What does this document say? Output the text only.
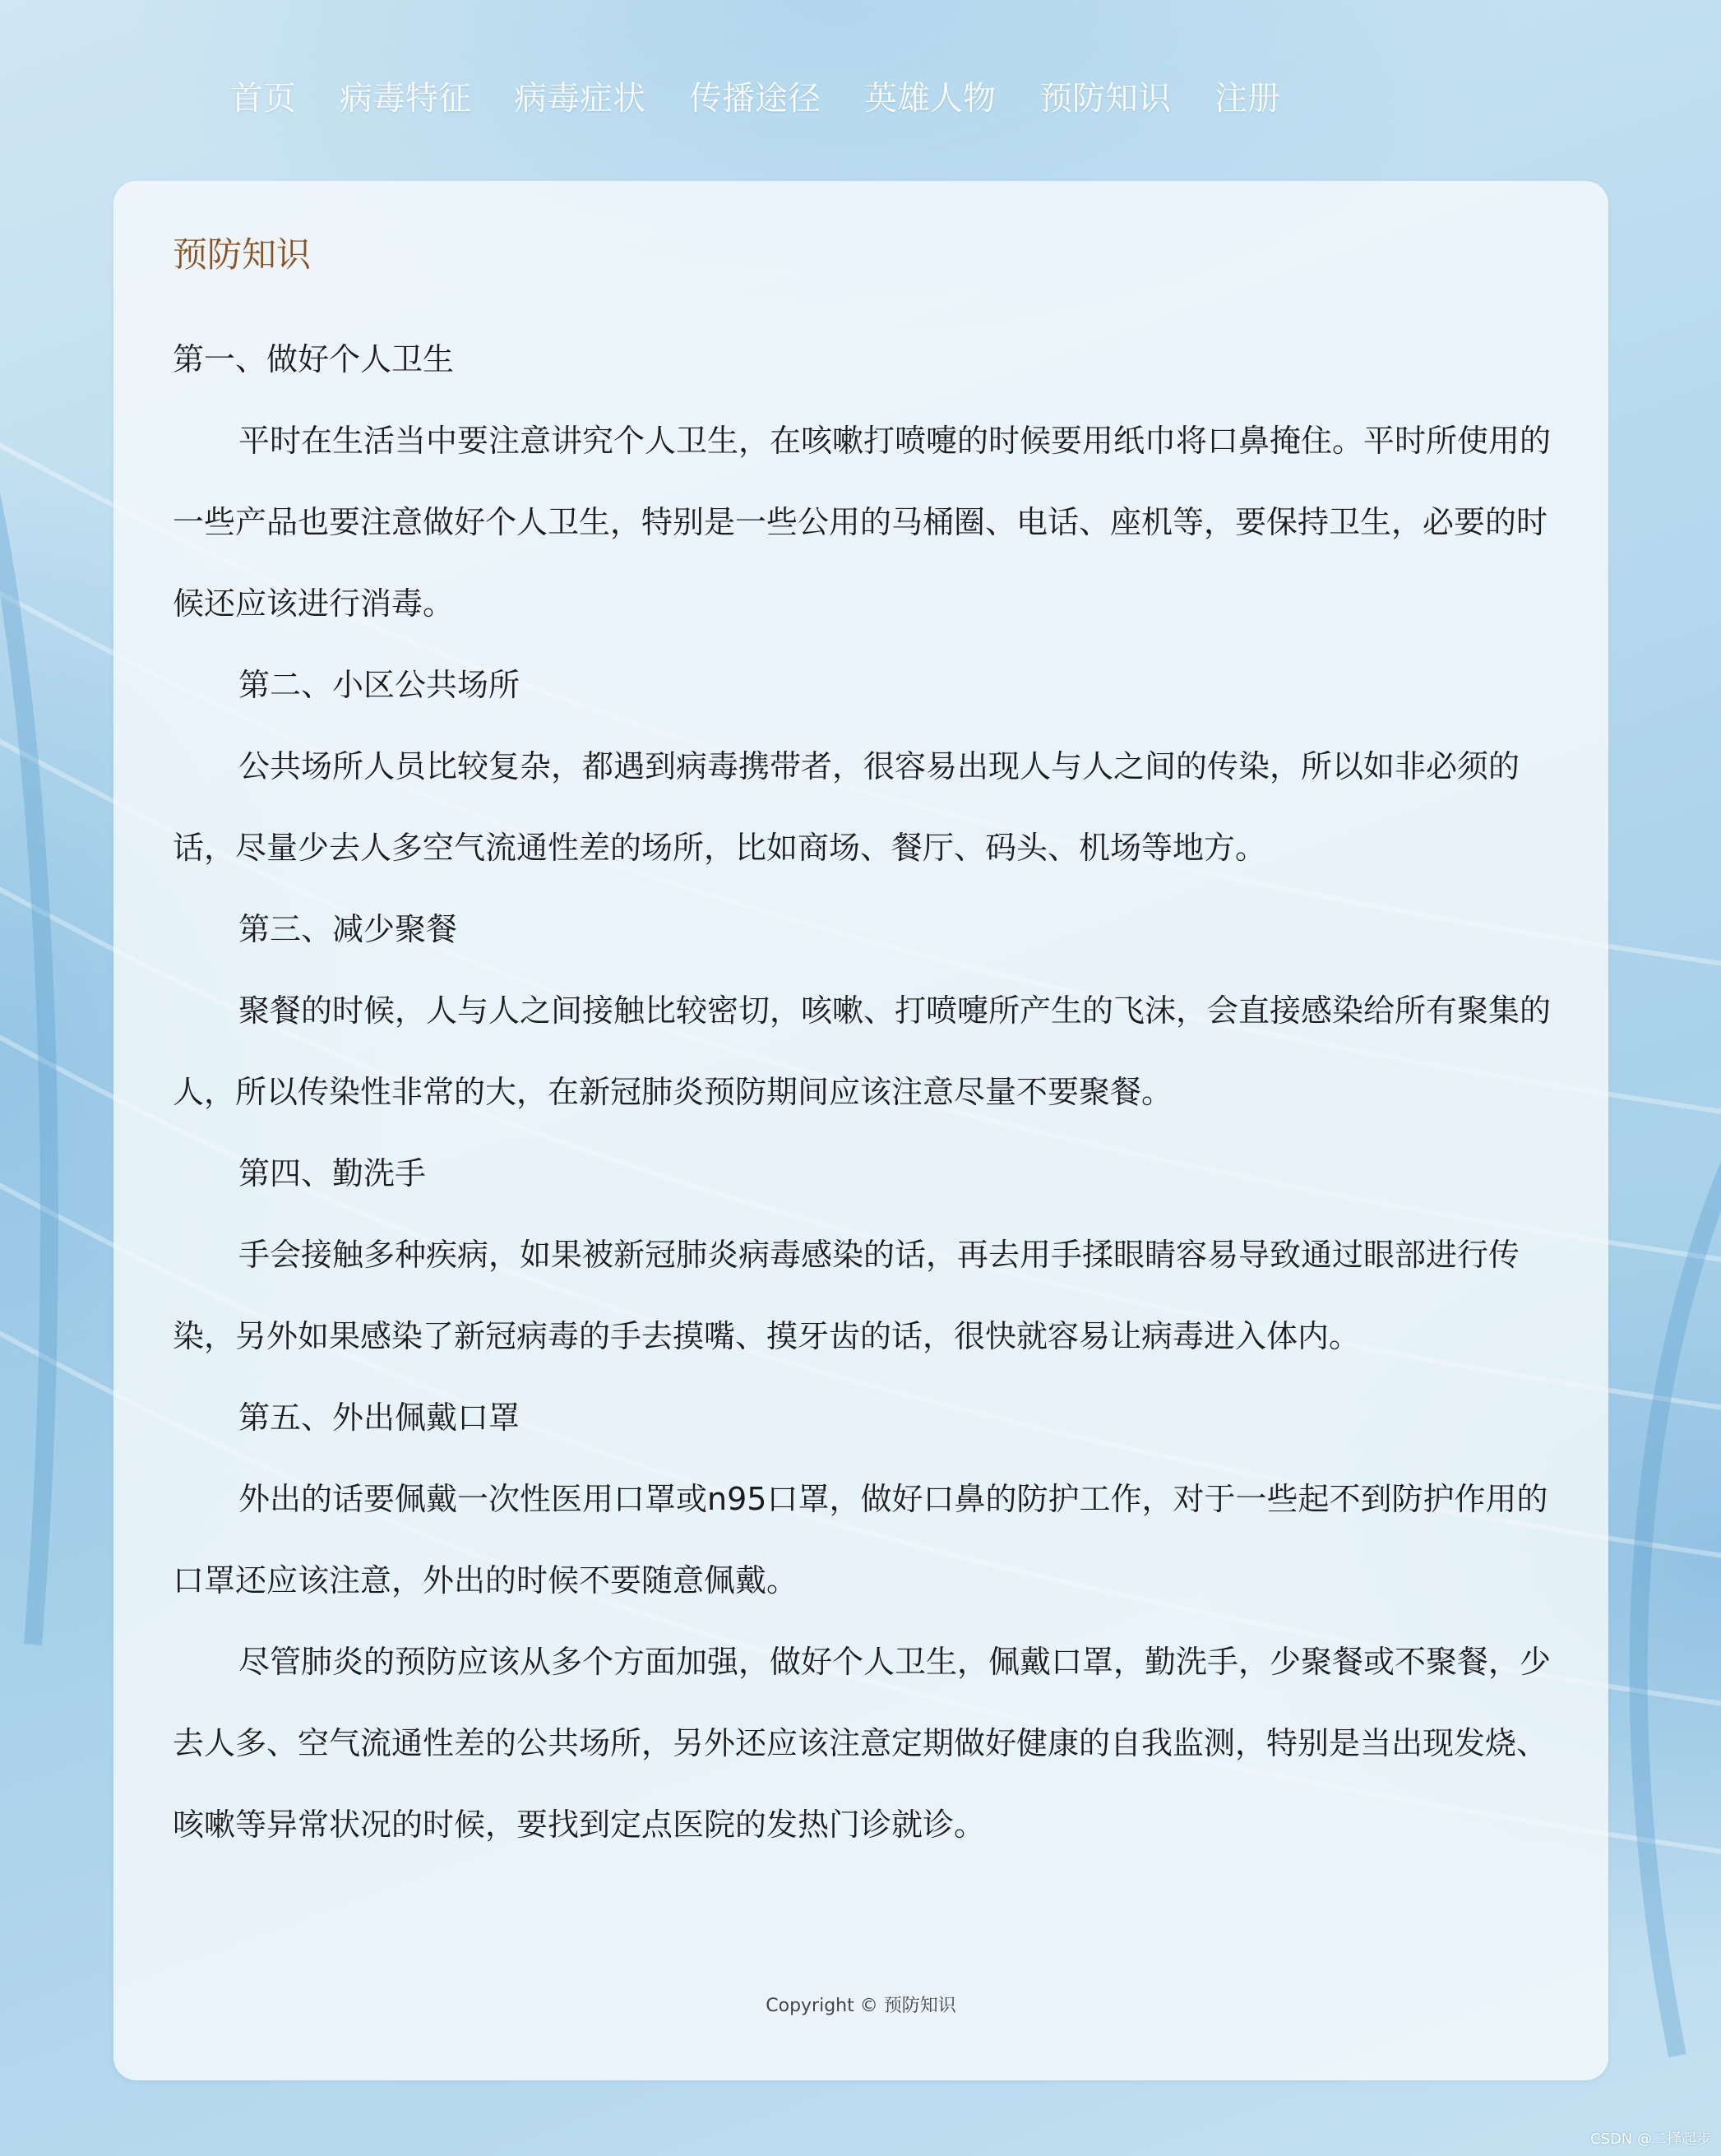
首页 病毒特征 病毒症状 传播途径 英雄人物 预防知识 注册
预防知识

第一、做好个人卫生

平时在生活当中要注意讲究个人卫生，在咳嗽打喷嚏的时候要用纸巾将口鼻掩住。平时所使用的一些产品也要注意做好个人卫生，特别是一些公用的马桶圈、电话、座机等，要保持卫生，必要的时候还应该进行消毒。

第二、小区公共场所

公共场所人员比较复杂，都遇到病毒携带者，很容易出现人与人之间的传染，所以如非必须的话，尽量少去人多空气流通性差的场所，比如商场、餐厅、码头、机场等地方。

第三、减少聚餐

聚餐的时候，人与人之间接触比较密切，咳嗽、打喷嚏所产生的飞沫，会直接感染给所有聚集的人，所以传染性非常的大，在新冠肺炎预防期间应该注意尽量不要聚餐。

第四、勤洗手

手会接触多种疾病，如果被新冠肺炎病毒感染的话，再去用手揉眼睛容易导致通过眼部进行传染，另外如果感染了新冠病毒的手去摸嘴、摸牙齿的话，很快就容易让病毒进入体内。

第五、外出佩戴口罩

外出的话要佩戴一次性医用口罩或n95口罩，做好口鼻的防护工作，对于一些起不到防护作用的口罩还应该注意，外出的时候不要随意佩戴。

尽管肺炎的预防应该从多个方面加强，做好个人卫生，佩戴口罩，勤洗手，少聚餐或不聚餐，少去人多、空气流通性差的公共场所，另外还应该注意定期做好健康的自我监测，特别是当出现发烧、咳嗽等异常状况的时候，要找到定点医院的发热门诊就诊。

Copyright © 预防知识
CSDN @二择起步
